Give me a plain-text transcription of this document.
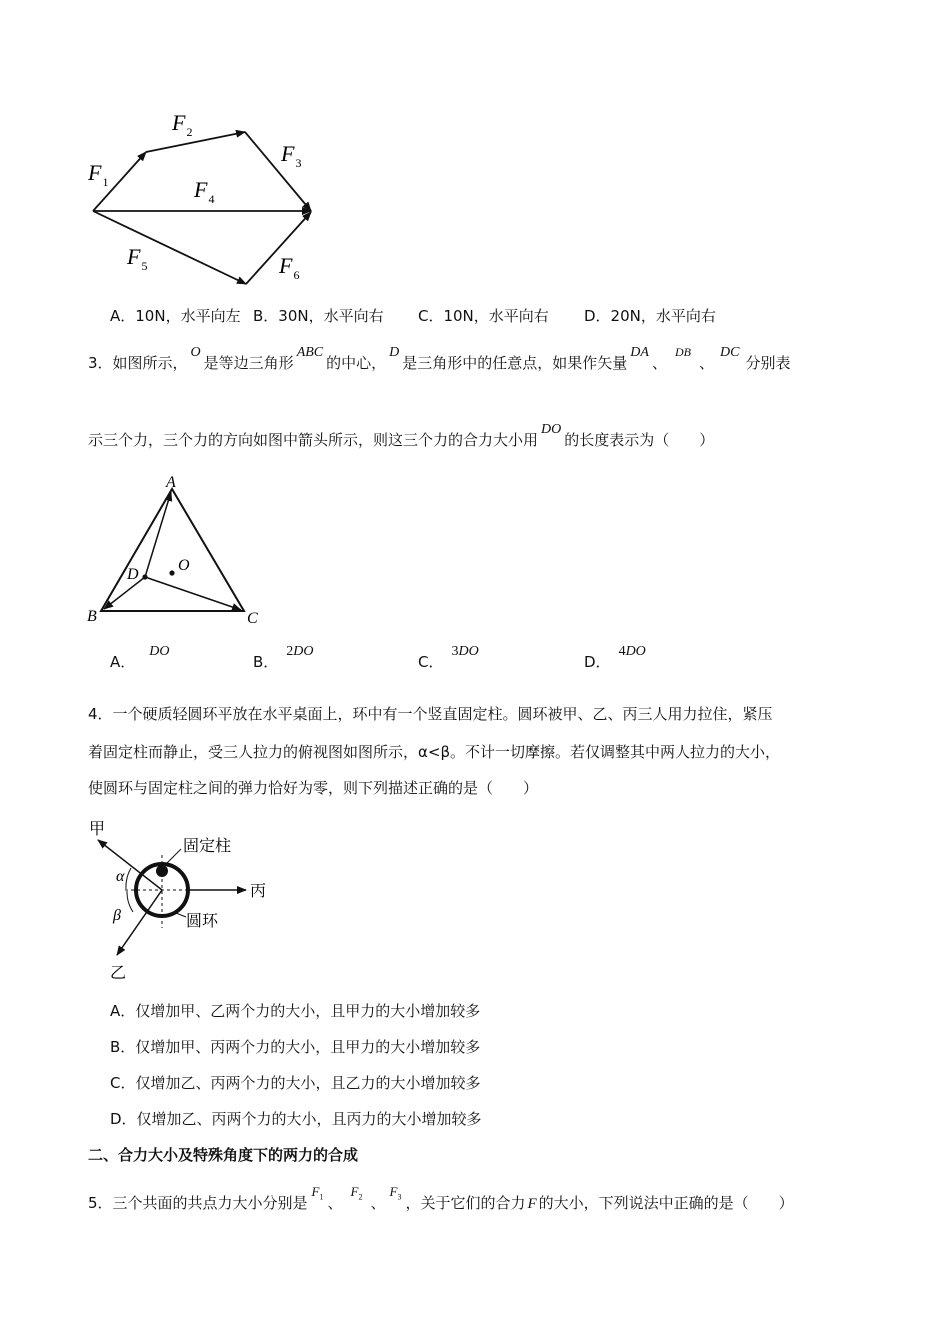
$F_1$
$F_2$
$F_3$
$F_4$
$F_5$	$F_6$
A．10N，水平向左 B．30N，水平向右 C．10N，水平向右 D．20N，水平向右
3．如图所示，O是等边三角形ABC的中心，D是三角形中的任意点，如果作矢量DA、$^{DB}$、DC分别表
示三个力，三个力的方向如图中箭头所示，则这三个力的合力大小用DO的长度表示为（　　）
A
B	C
D
O
A．DO
B．2DO
C．3DO
D．4DO
4．一个硬质轻圆环平放在水平桌面上，环中有一个竖直固定柱。圆环被甲、乙、丙三人用力拉住，紧压
着固定柱而静止，受三人拉力的俯视图如图所示，α<β。不计一切摩擦。若仅调整其中两人拉力的大小，
使圆环与固定柱之间的弹力恰好为零，则下列描述正确的是（　　）
甲
乙
丙
固定柱
圆环
α
β
A．仅增加甲、乙两个力的大小，且甲力的大小增加较多
B．仅增加甲、丙两个力的大小，且甲力的大小增加较多
C．仅增加乙、丙两个力的大小，且乙力的大小增加较多
D．仅增加乙、丙两个力的大小，且丙力的大小增加较多
二、合力大小及特殊角度下的两力的合成
5．三个共面的共点力大小分别是$F_1$ 、$F_2$ 、$F_3$ ，关于它们的合力 F 的大小，下列说法中正确的是（　　）
